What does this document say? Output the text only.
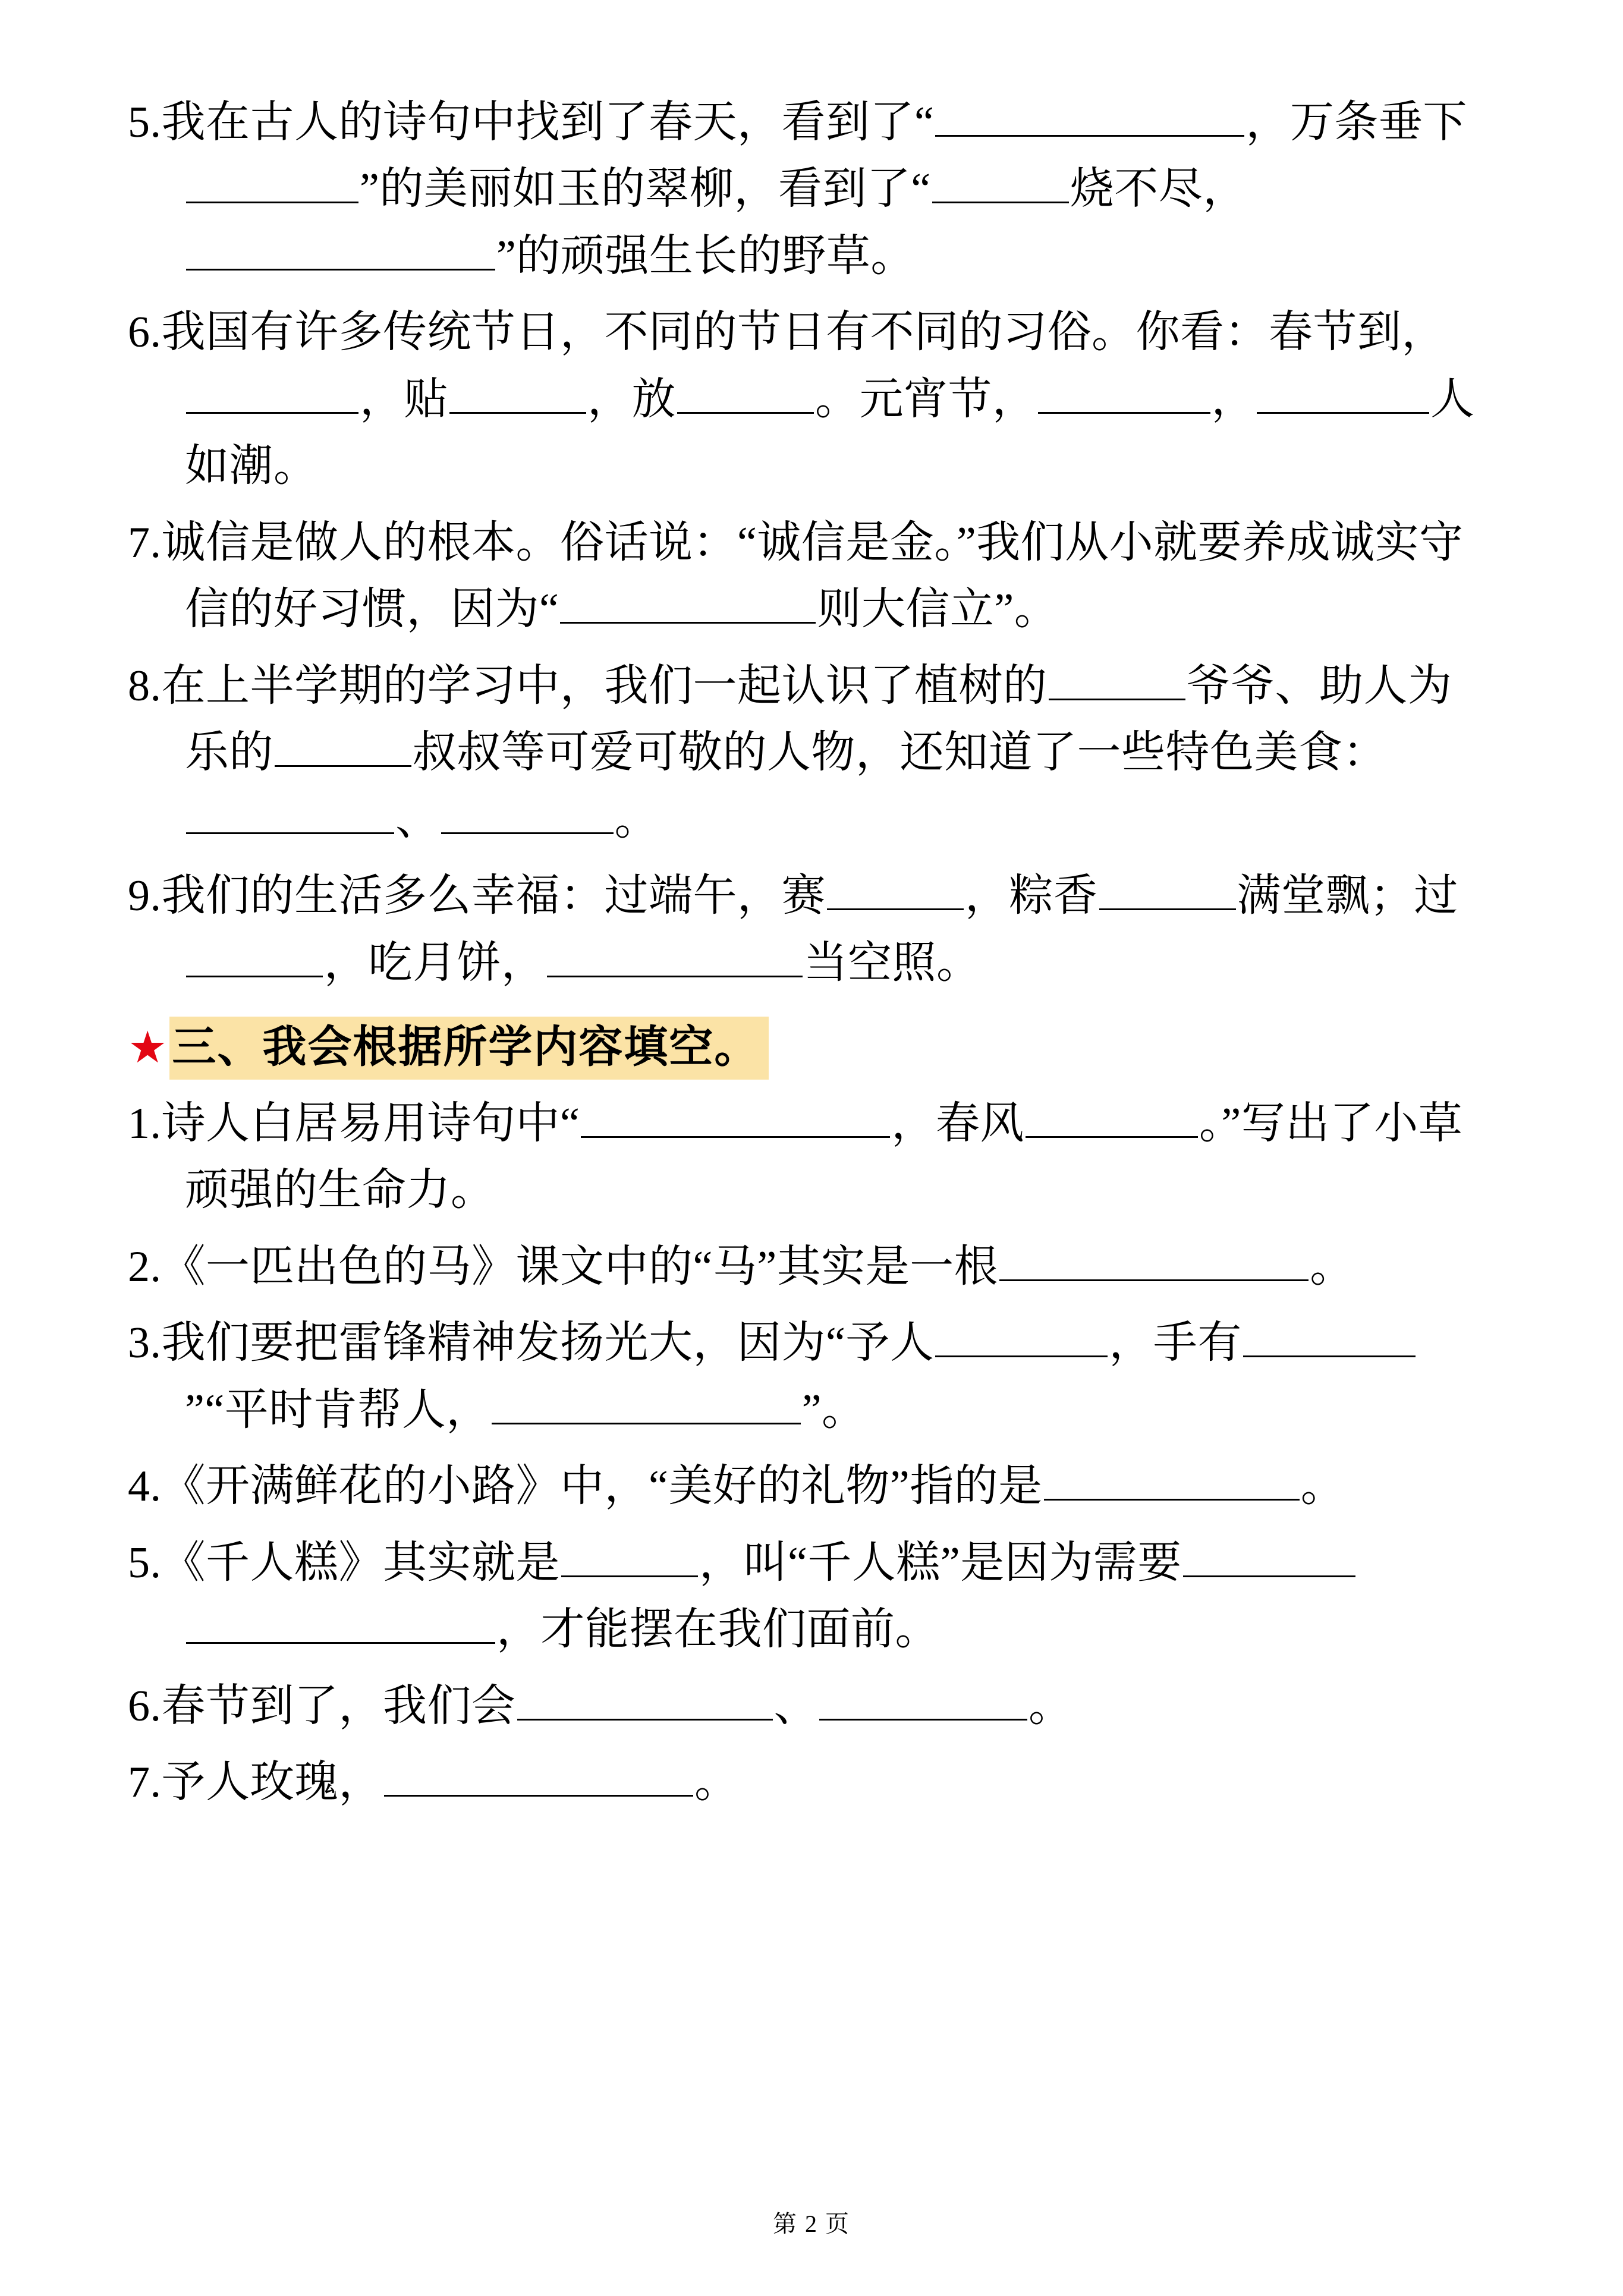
5.我在古人的诗句中找到了春天，看到了“	，万条垂下”的美丽如玉的翠柳，看到了“	烧不尽，”的顽强生长的野草。

6.我国有许多传统节日，不同的节日有不同的习俗。你看：春节到，，贴	，放	。元宵节，	，	人如潮。

7.诚信是做人的根本。俗话说：“诚信是金。”我们从小就要养成诚实守信的好习惯，因为“	则大信立”。

8.在上半学期的学习中，我们一起认识了植树的	爷爷、助人为乐的	叔叔等可爱可敬的人物，还知道了一些特色美食：、	。

9.我们的生活多么幸福：过端午，赛	，粽香	满堂飘；过，吃月饼，	当空照。

★ 三、我会根据所学内容填空。

1.诗人白居易用诗句中“	，春风	。”写出了小草顽强的生命力。

2.《一匹出色的马》课文中的“马”其实是一根	。

3.我们要把雷锋精神发扬光大，因为“予人	，手有”“平时肯帮人，	”。

4.《开满鲜花的小路》中，“美好的礼物”指的是	。

5.《千人糕》其实就是	，叫“千人糕”是因为需要，才能摆在我们面前。

6.春节到了，我们会	、	。

7.予人玫瑰，	。

第 2 页
